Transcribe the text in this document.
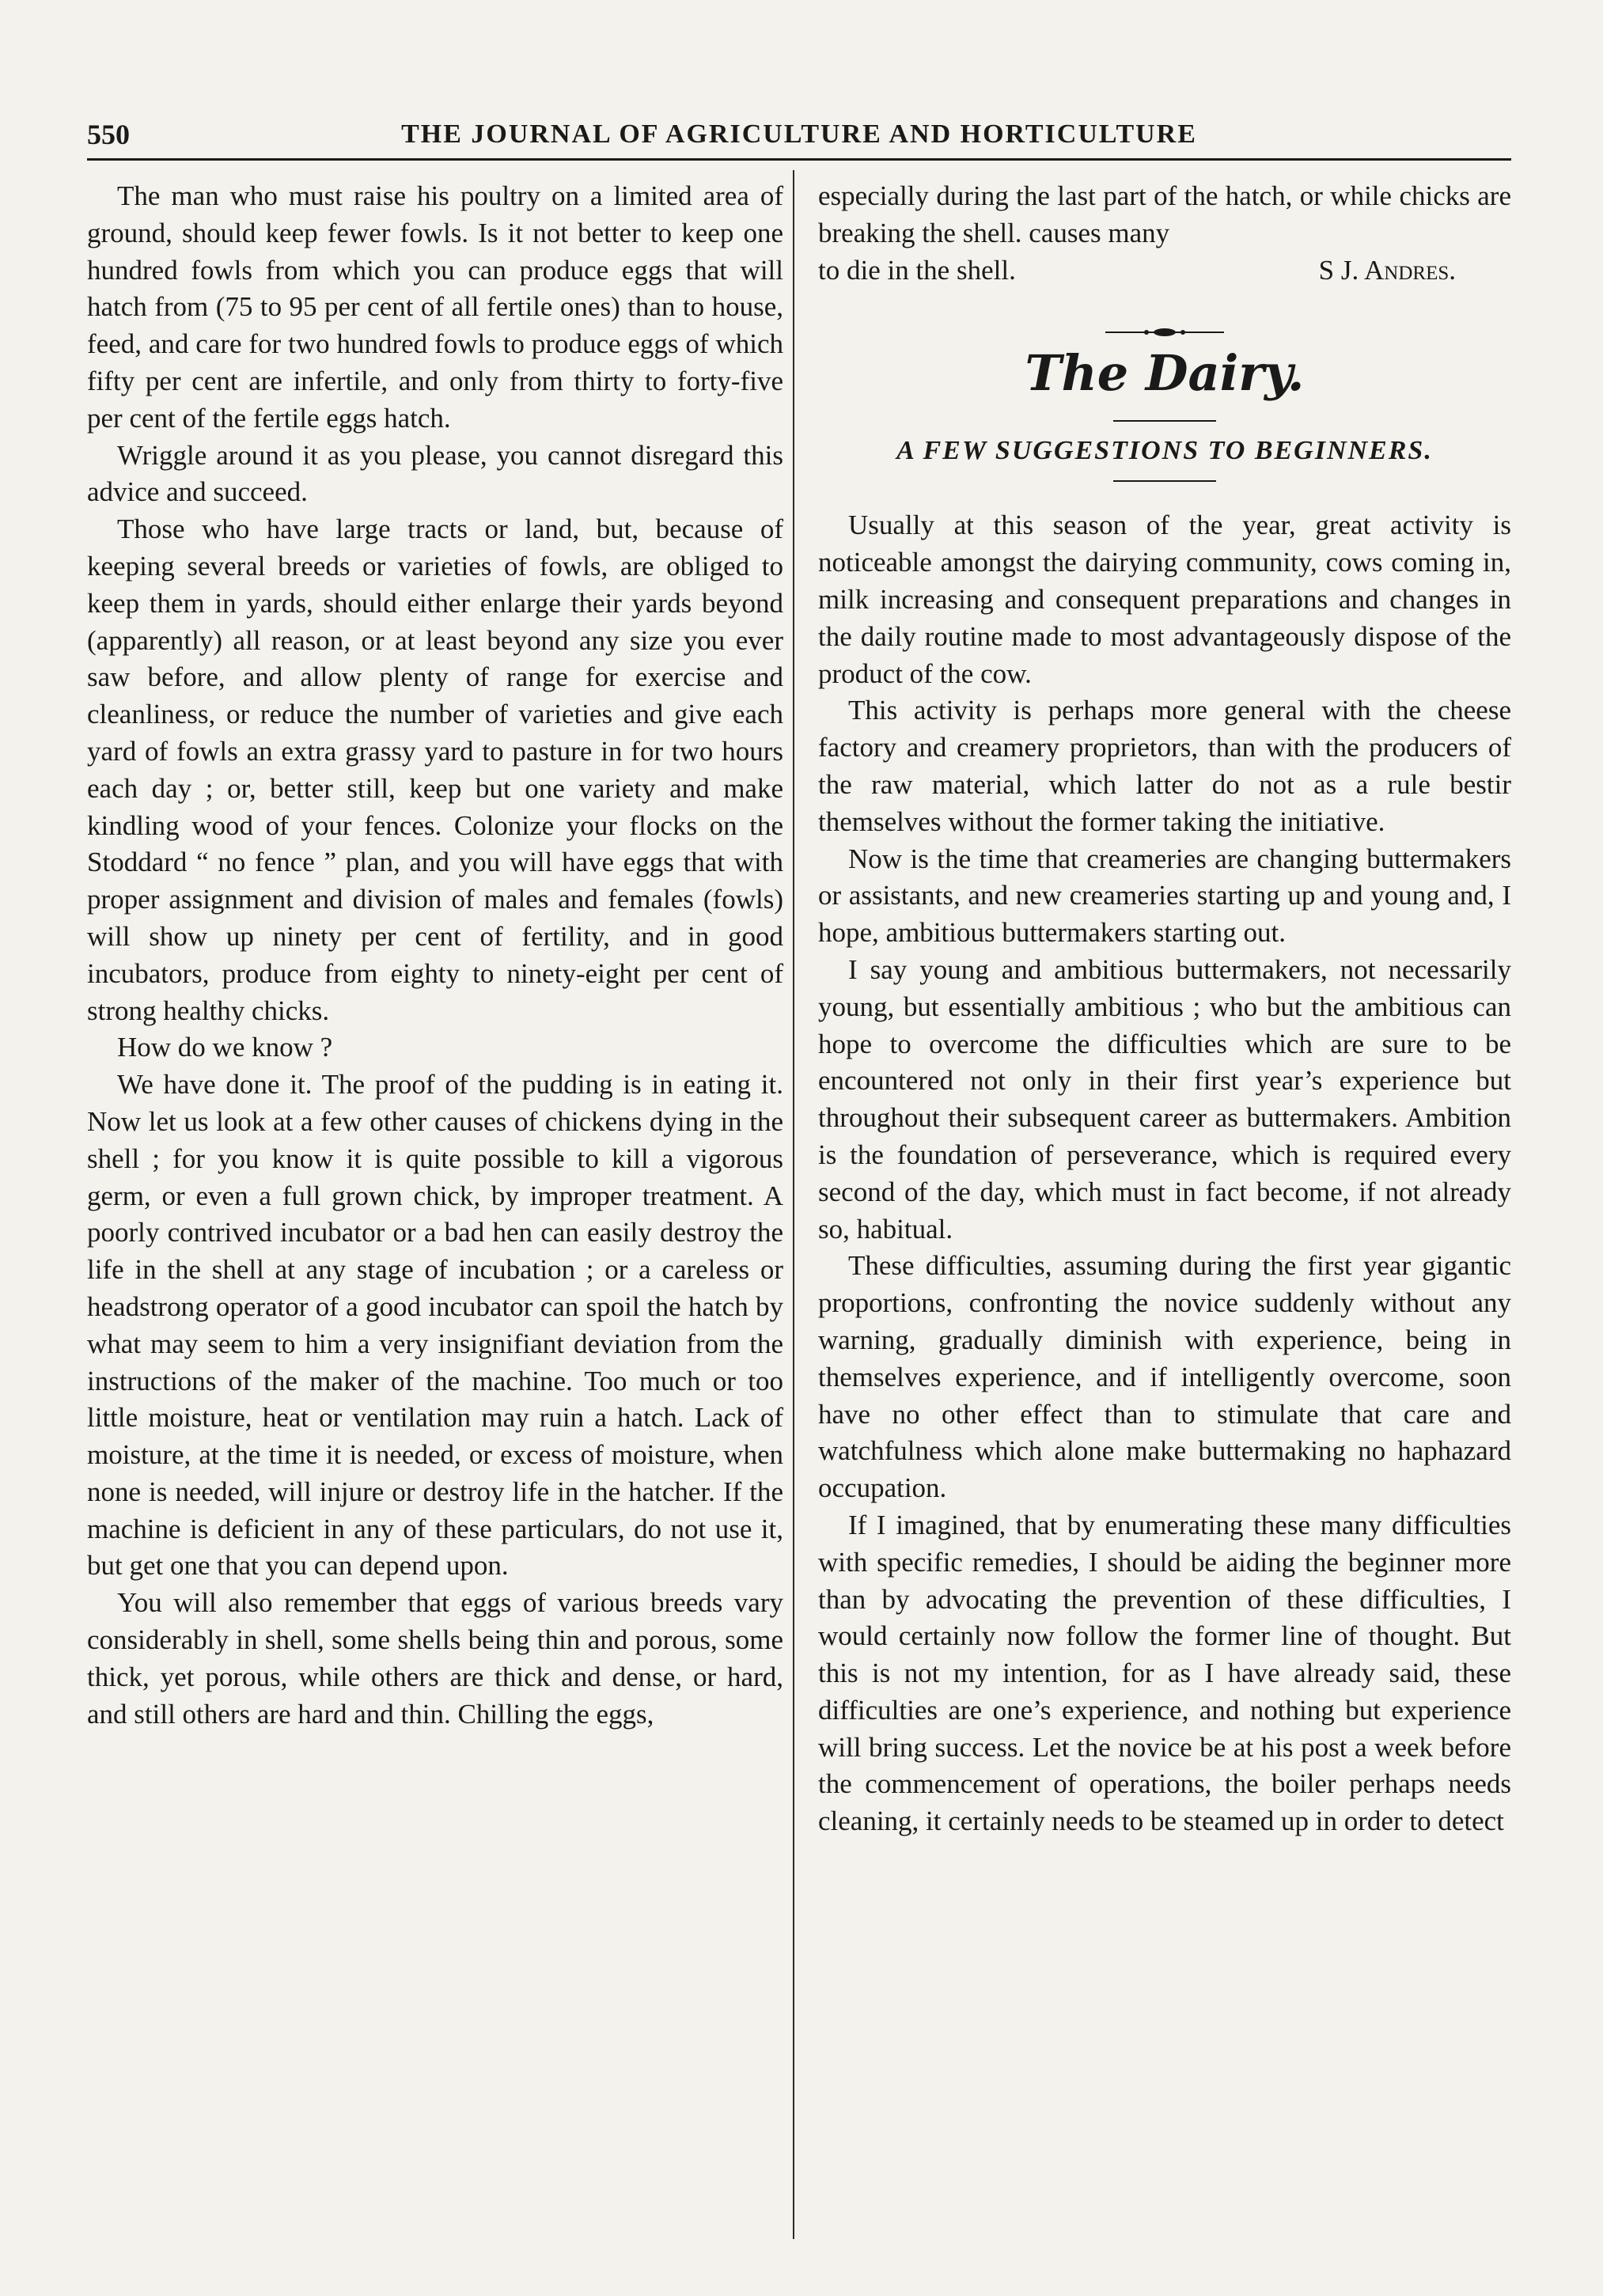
550	THE JOURNAL OF AGRICULTURE AND HORTICULTURE

The man who must raise his poultry on a limited area of ground, should keep fewer fowls. Is it not better to keep one hundred fowls from which you can produce eggs that will hatch from (75 to 95 per cent of all fertile ones) than to house, feed, and care for two hundred fowls to produce eggs of which fifty per cent are infertile, and only from thirty to forty-five per cent of the fertile eggs hatch.

Wriggle around it as you please, you cannot disregard this advice and succeed.

Those who have large tracts or land, but, because of keeping several breeds or varieties of fowls, are obliged to keep them in yards, should either enlarge their yards beyond (apparently) all reason, or at least beyond any size you ever saw before, and allow plenty of range for exercise and cleanliness, or reduce the number of varieties and give each yard of fowls an extra grassy yard to pasture in for two hours each day ; or, better still, keep but one variety and make kindling wood of your fences. Colonize your flocks on the Stoddard “ no fence ” plan, and you will have eggs that with proper assignment and division of males and females (fowls) will show up ninety per cent of fertility, and in good incubators, produce from eighty to ninety-eight per cent of strong healthy chicks.

How do we know ?

We have done it. The proof of the pudding is in eating it. Now let us look at a few other causes of chickens dying in the shell ; for you know it is quite possible to kill a vigorous germ, or even a full grown chick, by improper treatment. A poorly contrived incubator or a bad hen can easily destroy the life in the shell at any stage of incubation ; or a careless or headstrong operator of a good incubator can spoil the hatch by what may seem to him a very insignifiant deviation from the instructions of the maker of the machine. Too much or too little moisture, heat or ventilation may ruin a hatch. Lack of moisture, at the time it is needed, or excess of moisture, when none is needed, will injure or destroy life in the hatcher. If the machine is deficient in any of these particulars, do not use it, but get one that you can depend upon.

You will also remember that eggs of various breeds vary considerably in shell, some shells being thin and porous, some thick, yet porous, while others are thick and dense, or hard, and still others are hard and thin. Chilling the eggs,

especially during the last part of the hatch, or while chicks are breaking the shell. causes many

to die in the shell.	S J. Andres.
The Dairy.
A FEW SUGGESTIONS TO BEGINNERS.

Usually at this season of the year, great activity is noticeable amongst the dairying community, cows coming in, milk increasing and consequent preparations and changes in the daily routine made to most advantageously dispose of the product of the cow.

This activity is perhaps more general with the cheese factory and creamery proprietors, than with the producers of the raw material, which latter do not as a rule bestir themselves without the former taking the initiative.

Now is the time that creameries are changing buttermakers or assistants, and new creameries starting up and young and, I hope, ambitious buttermakers starting out.

I say young and ambitious buttermakers, not necessarily young, but essentially ambitious ; who but the ambitious can hope to overcome the difficulties which are sure to be encountered not only in their first year’s experience but throughout their subsequent career as buttermakers. Ambition is the foundation of perseverance, which is required every second of the day, which must in fact become, if not already so, habitual.

These difficulties, assuming during the first year gigantic proportions, confronting the novice suddenly without any warning, gradually diminish with experience, being in themselves experience, and if intelligently overcome, soon have no other effect than to stimulate that care and watchfulness which alone make buttermaking no haphazard occupation.

If I imagined, that by enumerating these many difficulties with specific remedies, I should be aiding the beginner more than by advocating the prevention of these difficulties, I would certainly now follow the former line of thought. But this is not my intention, for as I have already said, these difficulties are one’s experience, and nothing but experience will bring success. Let the novice be at his post a week before the commencement of operations, the boiler perhaps needs cleaning, it certainly needs to be steamed up in order to detect
